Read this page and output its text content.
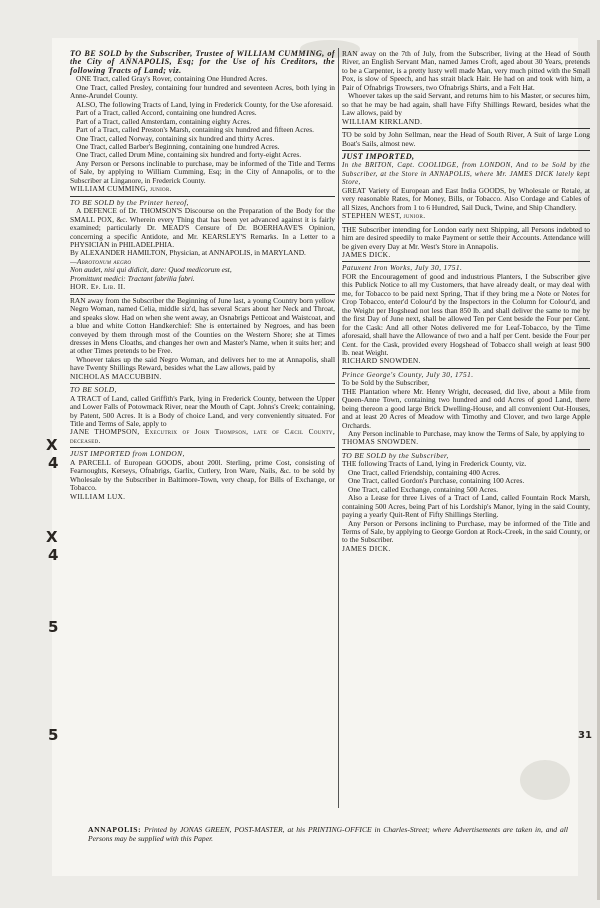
X
4
X
4
5
5	31

TO BE SOLD by the Subscriber, Trustee of WILLIAM CUMMING, of the City of ANNAPOLIS, Esq; for the Use of his Creditors, the following Tracts of Land; viz.

ONE Tract, called Gray's Rover, containing One Hundred Acres.

One Tract, called Presley, containing four hundred and seventeen Acres, both lying in Anne-Arundel County.

ALSO, The following Tracts of Land, lying in Frederick County, for the Use aforesaid.

Part of a Tract, called Accord, containing one hundred Acres.

Part of a Tract, called Amsterdam, containing eighty Acres.

Part of a Tract, called Preston's Marsh, containing six hundred and fifteen Acres.

One Tract, called Norway, containing six hundred and thirty Acres.

One Tract, called Barber's Beginning, containing one hundred Acres.

One Tract, called Drum Mine, containing six hundred and forty-eight Acres.

Any Person or Persons inclinable to purchase, may be informed of the Title and Terms of Sale, by applying to William Cumming, Esq; in the City of Annapolis, or to the Subscriber at Linganore, in Frederick County.

WILLIAM CUMMING, junior.

TO BE SOLD by the Printer hereof,

A DEFENCE of Dr. THOMSON'S Discourse on the Preparation of the Body for the SMALL POX, &c. Wherein every Thing that has been yet advanced against it is fairly examined; particularly Dr. MEAD'S Censure of Dr. BOERHAAVE'S Opinion, concerning a specific Antidote, and Mr. KEARSLEY'S Remarks. In a Letter to a PHYSICIAN in PHILADELPHIA.

By ALEXANDER HAMILTON, Physician, at ANNAPOLIS, in MARYLAND.

—Abrotonum aegro

Non audet, nisi qui didicit, dare: Quod medicorum est,

Promittunt medici: Tractant fabrilia fabri.

HOR. Ep. Lib. II.

RAN away from the Subscriber the Beginning of June last, a young Country born yellow Negro Woman, named Celia, middle siz'd, has several Scars about her Neck and Throat, and speaks slow. Had on when she went away, an Osnabrigs Petticoat and Waistcoat, and a blue and white Cotton Handkerchief: She is entertained by Negroes, and has been conveyed by them through most of the Counties on the Western Shore; she at Times dresses in Mens Cloaths, and changes her own and Master's Name, when it suits her; and at other Times pretends to be Free.

Whoever takes up the said Negro Woman, and delivers her to me at Annapolis, shall have Twenty Shillings Reward, besides what the Law allows, paid by

NICHOLAS MACCUBBIN.

TO BE SOLD,

A TRACT of Land, called Griffith's Park, lying in Frederick County, between the Upper and Lower Falls of Potowmack River, near the Mouth of Capt. Johns's Creek; containing, by Patent, 500 Acres. It is a Body of choice Land, and very conveniently situated. For Title and Terms of Sale, apply to

JANE THOMPSON, Executrix of John Thompson, late of Cæcil County, deceased.

JUST IMPORTED from LONDON,

A PARCELL of European GOODS, about 200l. Sterling, prime Cost, consisting of Fearnoughts, Kerseys, Ofnabrigs, Garlix, Cutlery, Iron Ware, Nails, &c. to be sold by Wholesale by the Subscriber in Baltimore-Town, very cheap, for Bills of Exchange, or Tobacco.

WILLIAM LUX.

RAN away on the 7th of July, from the Subscriber, living at the Head of South River, an English Servant Man, named James Croft, aged about 30 Years, pretends to be a Carpenter, is a pretty lusty well made Man, very much pitted with the Small Pox, is slow of Speech, and has strait black Hair. He had on and took with him, a Pair of Ofnabrigs Trowsers, two Ofnabrigs Shirts, and a Felt Hat.

Whoever takes up the said Servant, and returns him to his Master, or secures him, so that he may be had again, shall have Fifty Shillings Reward, besides what the Law allows, paid by

WILLIAM KIRKLAND.

TO be sold by John Sellman, near the Head of South River, A Suit of large Long Boat's Sails, almost new.

JUST IMPORTED,

In the BRITON, Capt. COOLIDGE, from LONDON, And to be Sold by the Subscriber, at the Store in ANNAPOLIS, where Mr. JAMES DICK lately kept Store,

GREAT Variety of European and East India GOODS, by Wholesale or Retale, at very reasonable Rates, for Money, Bills, or Tobacco. Also Cordage and Cables of all Sizes, Anchors from 1 to 6 Hundred, Sail Duck, Twine, and Ship Chandlery.

STEPHEN WEST, junior.

THE Subscriber intending for London early next Shipping, all Persons indebted to him are desired speedily to make Payment or settle their Accounts. Attendance will be given every Day at Mr. West's Store in Annapolis.

JAMES DICK.

Patuxent Iron Works, July 30, 1751.

FOR the Encouragement of good and industrious Planters, I the Subscriber give this Publick Notice to all my Customers, that have already dealt, or may deal with me, for Tobacco to be paid next Spring, That if they bring me a Note or Notes for Crop Tobacco, enter'd Colour'd by the Inspectors in the Column for Colour'd, and the Weight per Hogshead not less than 850 lb. and shall deliver the same to me by the first Day of June next, shall be allowed Ten per Cent beside the Four per Cent. for the Cask: And all other Notes delivered me for Leaf-Tobacco, by the Time aforesaid, shall have the Allowance of two and a half per Cent. beside the Four per Cent. for the Cask, provided every Hogshead of Tobacco shall weigh at least 900 lb. neat Weight.

RICHARD SNOWDEN.

Prince George's County, July 30, 1751.

To be Sold by the Subscriber,

THE Plantation where Mr. Henry Wright, deceased, did live, about a Mile from Queen-Anne Town, containing two hundred and odd Acres of good Land, there being thereon a good large Brick Dwelling-House, and all convenient Out-Houses, and at least 20 Acres of Meadow with Timothy and Clover, and two large Apple Orchards.

Any Person inclinable to Purchase, may know the Terms of Sale, by applying to

THOMAS SNOWDEN.

TO BE SOLD by the Subscriber,

THE following Tracts of Land, lying in Frederick County, viz.

One Tract, called Friendship, containing 400 Acres.

One Tract, called Gordon's Purchase, containing 100 Acres.

One Tract, called Exchange, containing 500 Acres.

Also a Lease for three Lives of a Tract of Land, called Fountain Rock Marsh, containing 500 Acres, being Part of his Lordship's Manor, lying in the said County, paying a yearly Quit-Rent of Fifty Shillings Sterling.

Any Person or Persons inclining to Purchase, may be informed of the Title and Terms of Sale, by applying to George Gordon at Rock-Creek, in the said County, or to the Subscriber.

JAMES DICK.

ANNAPOLIS: Printed by JONAS GREEN, POST-MASTER, at his PRINTING-OFFICE in Charles-Street; where Advertisements are taken in, and all Persons may be supplied with this Paper.
